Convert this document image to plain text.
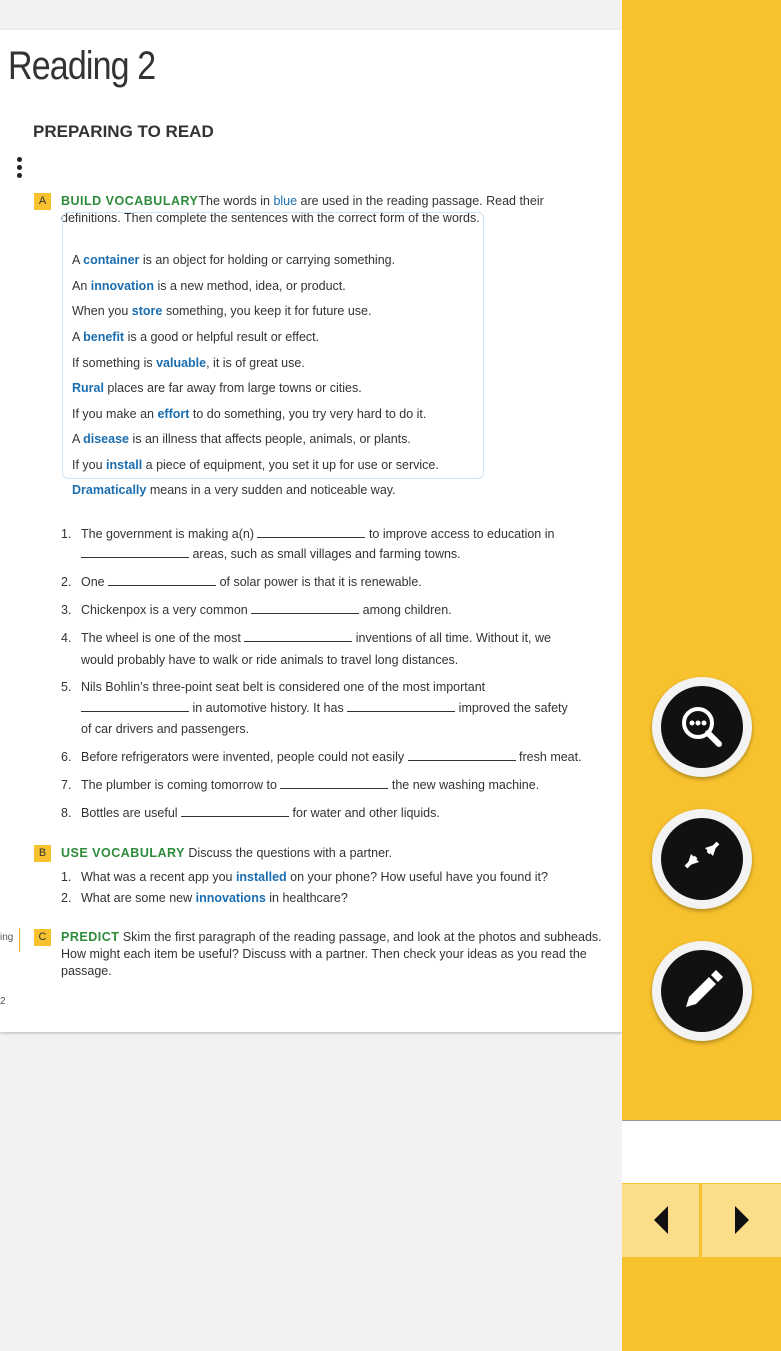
Reading 2
PREPARING TO READ
A	BUILD VOCABULARYThe words in blue are used in the reading passage. Read their definitions. Then complete the sentences with the correct form of the words.
A container is an object for holding or carrying something.
An innovation is a new method, idea, or product.
When you store something, you keep it for future use.
A benefit is a good or helpful result or effect.
If something is valuable, it is of great use.
Rural places are far away from large towns or cities.
If you make an effort to do something, you try very hard to do it.
A disease is an illness that affects people, animals, or plants.
If you install a piece of equipment, you set it up for use or service.
Dramatically means in a very sudden and noticeable way.
1. The government is making a(n)	to improve access to education in
areas, such as small villages and farming towns.
2. One	of solar power is that it is renewable.
3. Chickenpox is a very common	among children.
4. The wheel is one of the most	inventions of all time. Without it, we
would probably have to walk or ride animals to travel long distances.
5. Nils Bohlin’s three-point seat belt is considered one of the most important
in automotive history. It has	improved the safety
of car drivers and passengers.
6. Before refrigerators were invented, people could not easily	fresh meat.
7. The plumber is coming tomorrow to	the new washing machine.
8. Bottles are useful	for water and other liquids.
B	USE VOCABULARY Discuss the questions with a partner.
1. What was a recent app you installed on your phone? How useful have you found it?
2. What are some new innovations in healthcare?
ing	C	PREDICT Skim the first paragraph of the reading passage, and look at the photos and subheads. How might each item be useful? Discuss with a partner. Then check your ideas as you read the passage.
2
